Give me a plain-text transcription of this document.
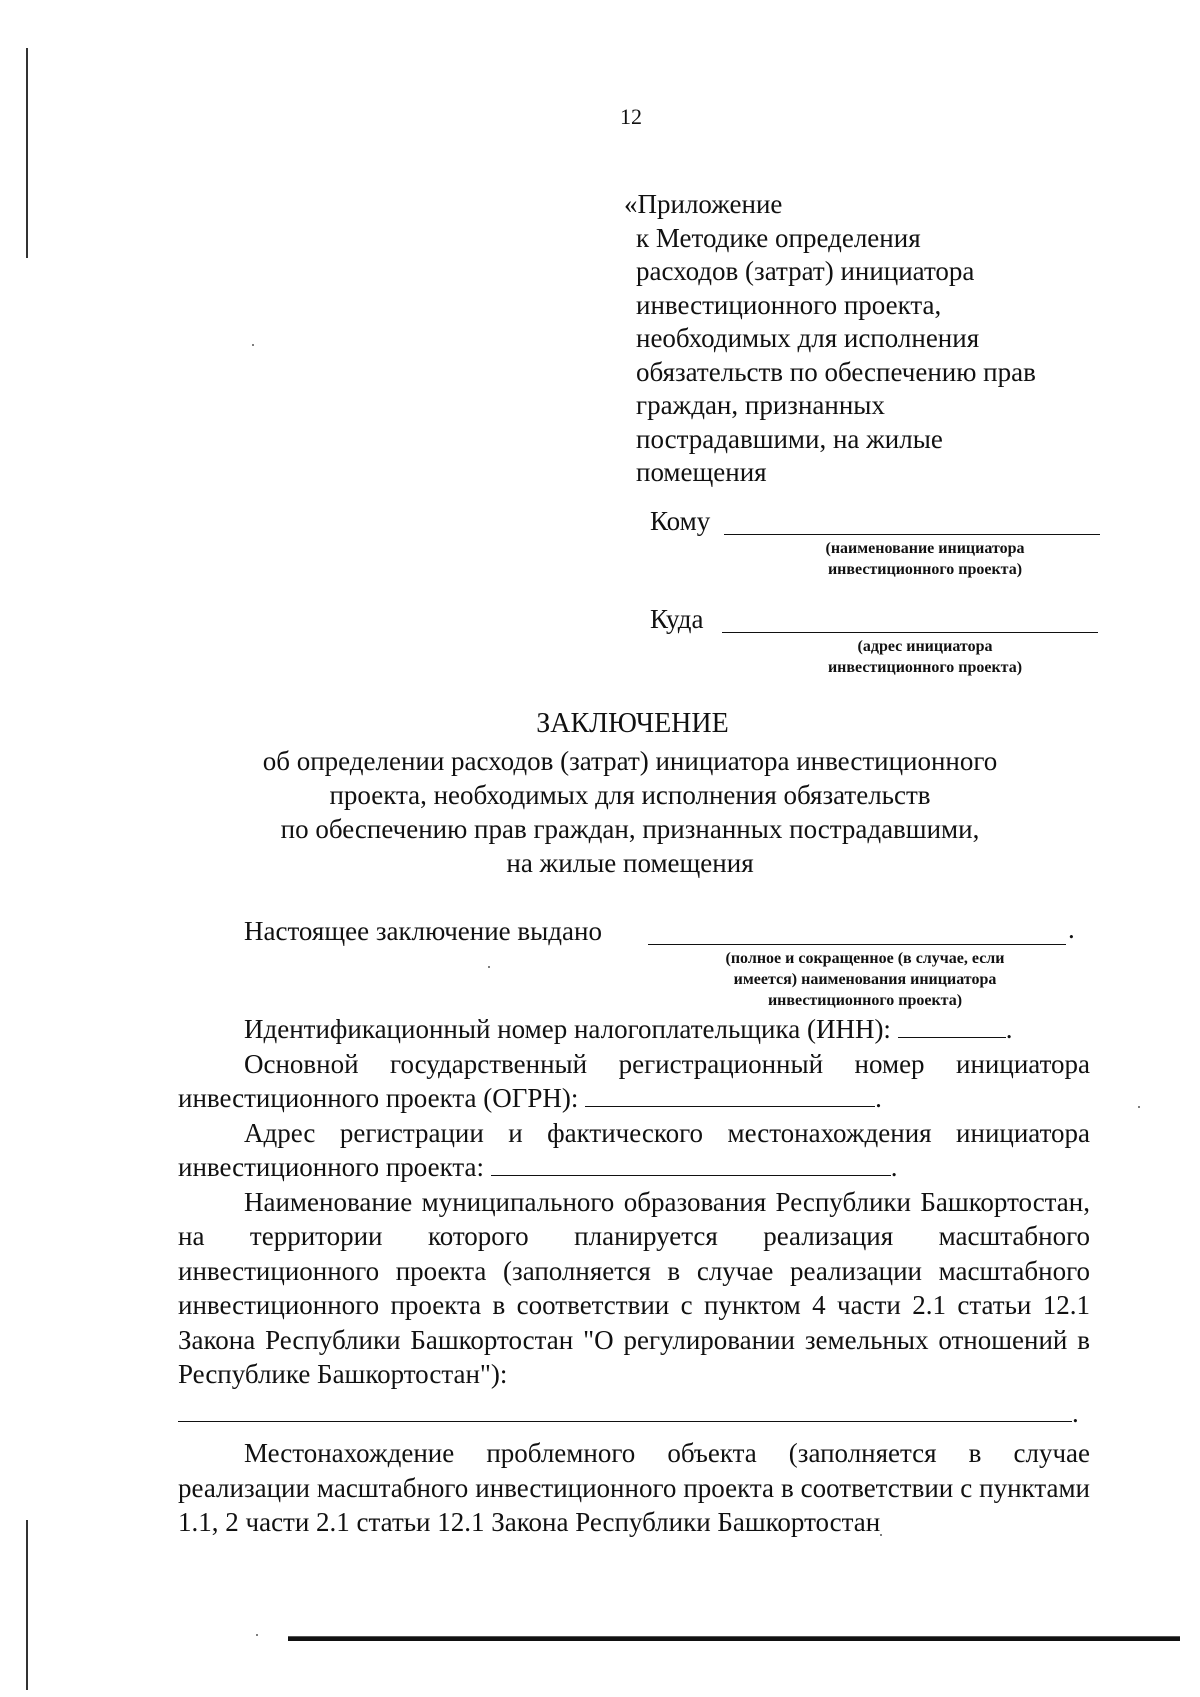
12
«Приложение
к Методике определения
расходов (затрат) инициатора
инвестиционного проекта,
необходимых для исполнения
обязательств по обеспечению прав
граждан, признанных
пострадавшими, на жилые
помещения
Кому
(наименование инициатора
инвестиционного проекта)
Куда
(адрес инициатора
инвестиционного проекта)
ЗАКЛЮЧЕНИЕ
об определении расходов (затрат) инициатора инвестиционного
проекта, необходимых для исполнения обязательств
по обеспечению прав граждан, признанных пострадавшими,
на жилые помещения
Настоящее заключение выдано	.
(полное и сокращенное (в случае, если
имеется) наименования инициатора
инвестиционного проекта)
Идентификационный номер налогоплательщика (ИНН):	.
Основной государственный регистрационный номер инициатора инвестиционного проекта (ОГРН):	.
Адрес регистрации и фактического местонахождения инициатора инвестиционного проекта:	.
Наименование муниципального образования Республики Башкортостан, на территории которого планируется реализация масштабного инвестиционного проекта (заполняется в случае реализации масштабного инвестиционного проекта в соответствии с пунктом 4 части 2.1 статьи 12.1 Закона Республики Башкортостан "О регулировании земельных отношений в Республике Башкортостан"):
.
Местонахождение проблемного объекта (заполняется в случае реализации масштабного инвестиционного проекта в соответствии с пунктами 1.1, 2 части 2.1 статьи 12.1 Закона Республики Башкортостан
